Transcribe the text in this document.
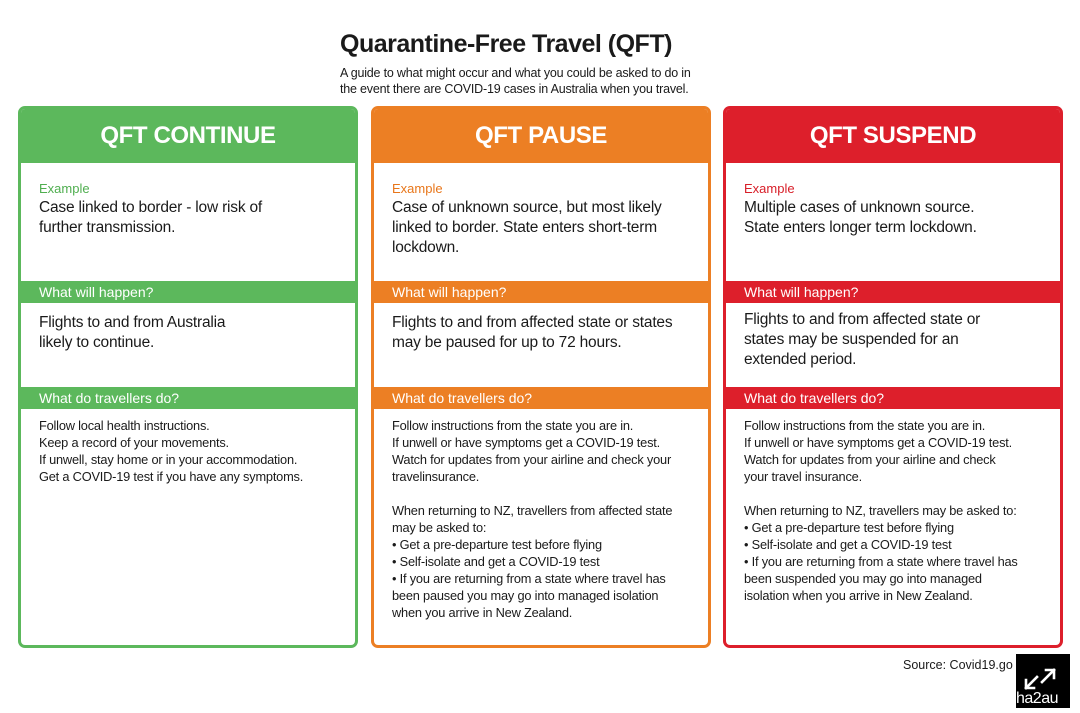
Quarantine-Free Travel (QFT)
A guide to what might occur and what you could be asked to do in
the event there are COVID-19 cases in Australia when you travel.
QFT CONTINUE
Example
Case linked to border - low risk of
further transmission.
What will happen?
Flights to and from Australia
likely to continue.
What do travellers do?

Follow local health instructions.

Keep a record of your movements.

If unwell, stay home or in your accommodation.

Get a COVID-19 test if you have any symptoms.

QFT PAUSE
Example
Case of unknown source, but most likely
linked to border. State enters short-term
lockdown.
What will happen?
Flights to and from affected state or states
may be paused for up to 72 hours.
What do travellers do?

Follow instructions from the state you are in.

If unwell or have symptoms get a COVID-19 test.

Watch for updates from your airline and check your

travelinsurance.

When returning to NZ, travellers from affected state

may be asked to:

• Get a pre-departure test before flying

• Self-isolate and get a COVID-19 test

• If you are returning from a state where travel has

been paused you may go into managed isolation

when you arrive in New Zealand.

QFT SUSPEND
Example
Multiple cases of unknown source.
State enters longer term lockdown.
What will happen?
Flights to and from affected state or
states may be suspended for an
extended period.
What do travellers do?

Follow instructions from the state you are in.

If unwell or have symptoms get a COVID-19 test.

Watch for updates from your airline and check

your travel insurance.

When returning to NZ, travellers may be asked to:

• Get a pre-departure test before flying

• Self-isolate and get a COVID-19 test

• If you are returning from a state where travel has

been suspended you may go into managed

isolation when you arrive in New Zealand.

Source: Covid19.go
ha2au
